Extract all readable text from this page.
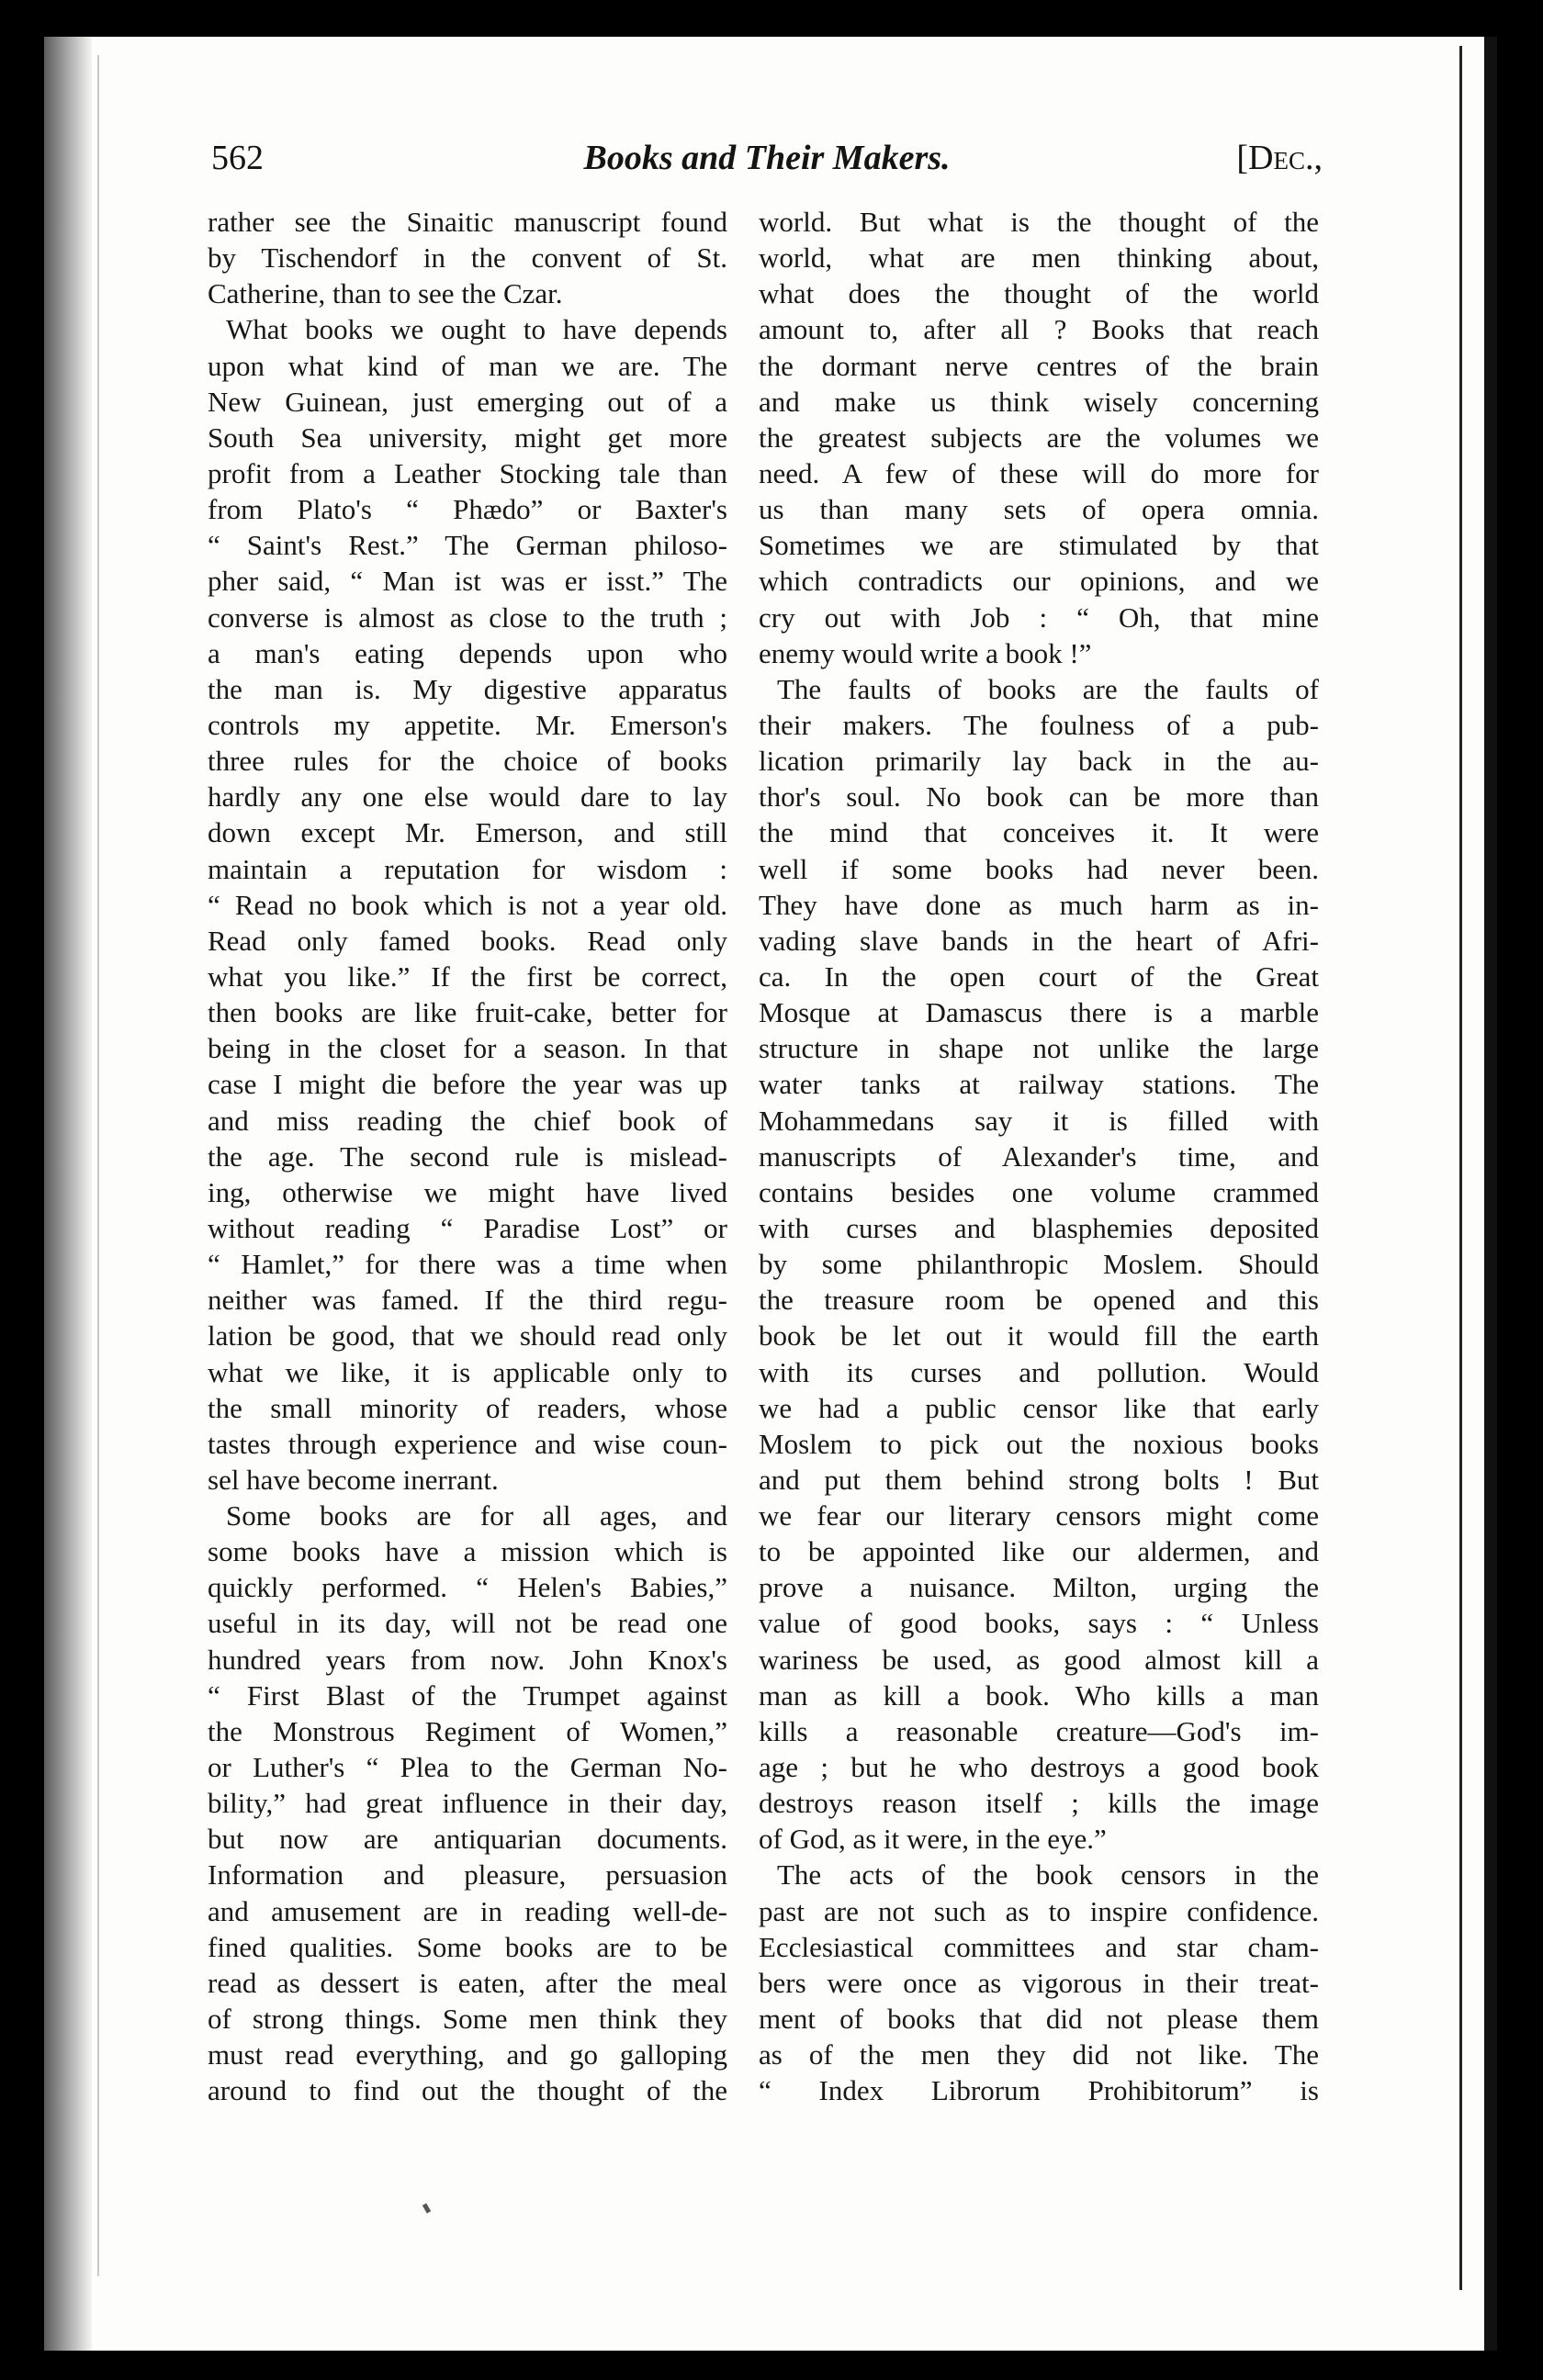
562	Books and Their Makers.	[Dec.,
rather see the Sinaitic manuscript found
by Tischendorf in the convent of St.
Catherine, than to see the Czar.
What books we ought to have depends
upon what kind of man we are. The
New Guinean, just emerging out of a
South Sea university, might get more
profit from a Leather Stocking tale than
from Plato's “ Phædo” or Baxter's
“ Saint's Rest.” The German philoso-
pher said, “ Man ist was er isst.” The
converse is almost as close to the truth ;
a man's eating depends upon who
the man is. My digestive apparatus
controls my appetite. Mr. Emerson's
three rules for the choice of books
hardly any one else would dare to lay
down except Mr. Emerson, and still
maintain a reputation for wisdom :
“ Read no book which is not a year old.
Read only famed books. Read only
what you like.” If the first be correct,
then books are like fruit-cake, better for
being in the closet for a season. In that
case I might die before the year was up
and miss reading the chief book of
the age. The second rule is mislead-
ing, otherwise we might have lived
without reading “ Paradise Lost” or
“ Hamlet,” for there was a time when
neither was famed. If the third regu-
lation be good, that we should read only
what we like, it is applicable only to
the small minority of readers, whose
tastes through experience and wise coun-
sel have become inerrant.
Some books are for all ages, and
some books have a mission which is
quickly performed. “ Helen's Babies,”
useful in its day, will not be read one
hundred years from now. John Knox's
“ First Blast of the Trumpet against
the Monstrous Regiment of Women,”
or Luther's “ Plea to the German No-
bility,” had great influence in their day,
but now are antiquarian documents.
Information and pleasure, persuasion
and amusement are in reading well-de-
fined qualities. Some books are to be
read as dessert is eaten, after the meal
of strong things. Some men think they
must read everything, and go galloping
around to find out the thought of the
world. But what is the thought of the
world, what are men thinking about,
what does the thought of the world
amount to, after all ? Books that reach
the dormant nerve centres of the brain
and make us think wisely concerning
the greatest subjects are the volumes we
need. A few of these will do more for
us than many sets of opera omnia.
Sometimes we are stimulated by that
which contradicts our opinions, and we
cry out with Job : “ Oh, that mine
enemy would write a book !”
The faults of books are the faults of
their makers. The foulness of a pub-
lication primarily lay back in the au-
thor's soul. No book can be more than
the mind that conceives it. It were
well if some books had never been.
They have done as much harm as in-
vading slave bands in the heart of Afri-
ca. In the open court of the Great
Mosque at Damascus there is a marble
structure in shape not unlike the large
water tanks at railway stations. The
Mohammedans say it is filled with
manuscripts of Alexander's time, and
contains besides one volume crammed
with curses and blasphemies deposited
by some philanthropic Moslem. Should
the treasure room be opened and this
book be let out it would fill the earth
with its curses and pollution. Would
we had a public censor like that early
Moslem to pick out the noxious books
and put them behind strong bolts ! But
we fear our literary censors might come
to be appointed like our aldermen, and
prove a nuisance. Milton, urging the
value of good books, says : “ Unless
wariness be used, as good almost kill a
man as kill a book. Who kills a man
kills a reasonable creature—God's im-
age ; but he who destroys a good book
destroys reason itself ; kills the image
of God, as it were, in the eye.”
The acts of the book censors in the
past are not such as to inspire confidence.
Ecclesiastical committees and star cham-
bers were once as vigorous in their treat-
ment of books that did not please them
as of the men they did not like. The
“ Index Librorum Prohibitorum” is
